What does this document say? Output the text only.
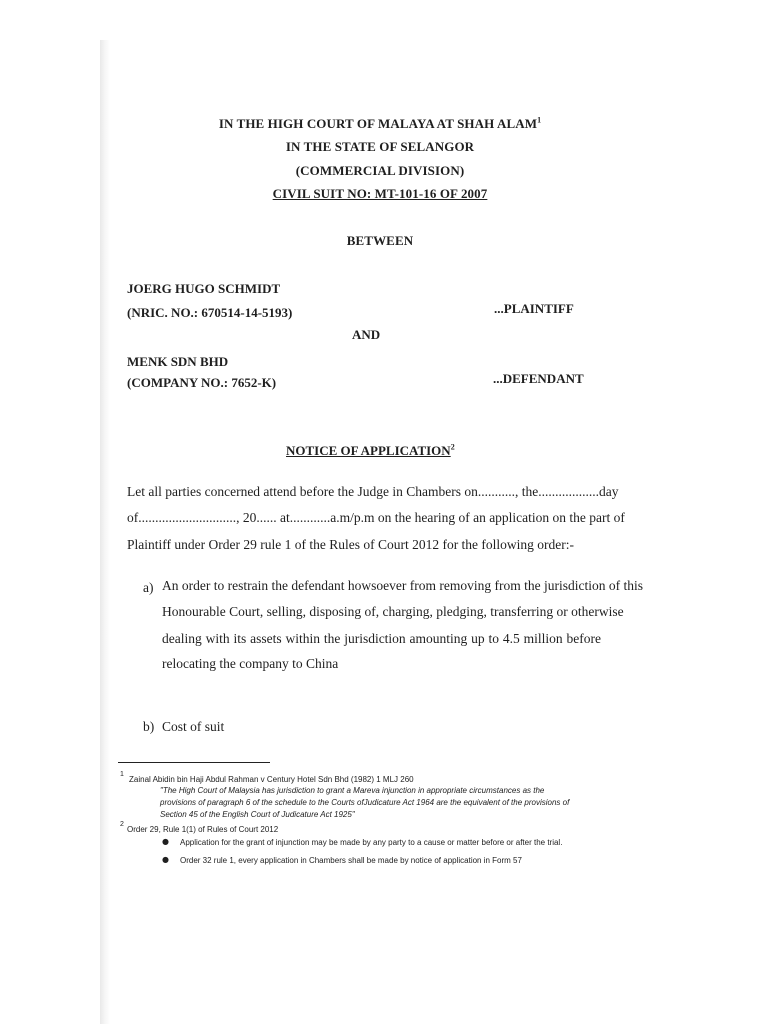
IN THE HIGH COURT OF MALAYA AT SHAH ALAM$^1$
IN THE STATE OF SELANGOR
(COMMERCIAL DIVISION)
CIVIL SUIT NO: MT-101-16 OF 2007
BETWEEN
JOERG HUGO SCHMIDT
(NRIC. NO.: 670514-14-5193)	...PLAINTIFF
AND
MENK SDN BHD
(COMPANY NO.: 7652-K)	...DEFENDANT
NOTICE OF APPLICATION$^2$
Let all parties concerned attend before the Judge in Chambers on..........., the..................day
of............................., 20...... at............a.m/p.m on the hearing of an application on the part of
Plaintiff under Order 29 rule 1 of the Rules of Court 2012 for the following order:-
a) An order to restrain the defendant howsoever from removing from the jurisdiction of this
Honourable Court, selling, disposing of, charging, pledging, transferring or otherwise
dealing with its assets within the jurisdiction amounting up to 4.5 million before
relocating the company to China
b) Cost of suit
1
Zainal Abidin bin Haji Abdul Rahman v Century Hotel Sdn Bhd (1982) 1 MLJ 260
"The High Court of Malaysia has jurisdiction to grant a Mareva injunction in appropriate circumstances as the
provisions of paragraph 6 of the schedule to the Courts ofJudicature Act 1964 are the equivalent of the provisions of
Section 45 of the English Court of Judicature Act 1925"
2
Order 29, Rule 1(1) of Rules of Court 2012
● Application for the grant of injunction may be made by any party to a cause or matter before or after the trial.
● Order 32 rule 1, every application in Chambers shall be made by notice of application in Form 57
